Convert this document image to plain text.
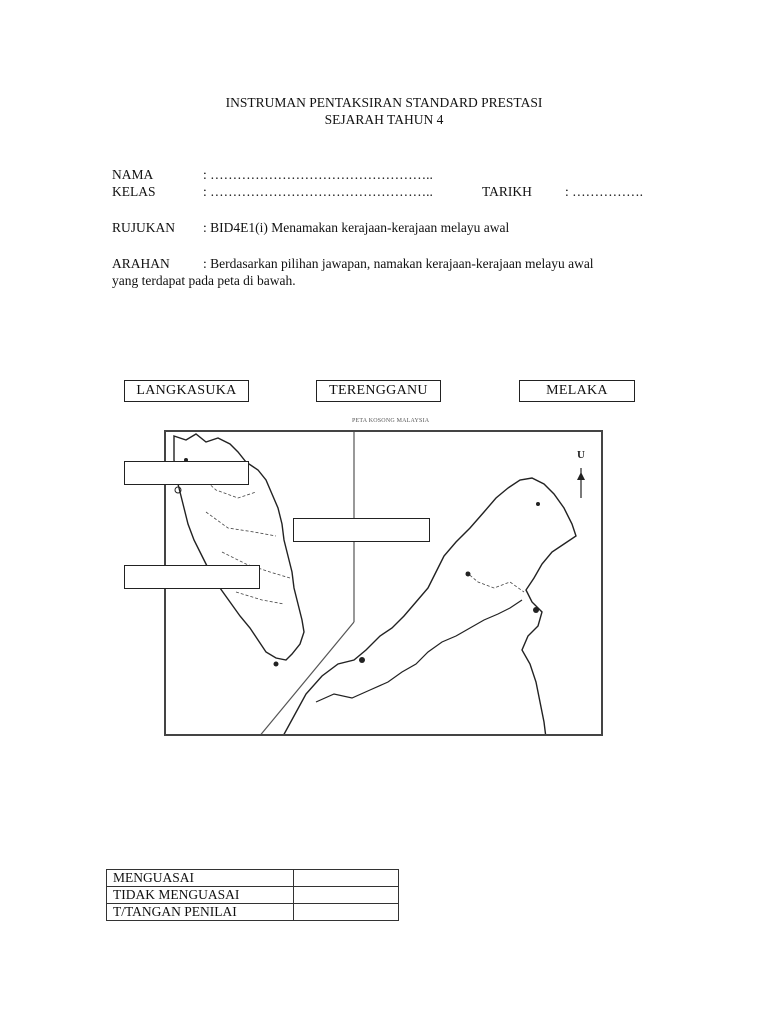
INSTRUMAN PENTAKSIRAN STANDARD PRESTASI
SEJARAH TAHUN 4
NAMA	: …………………………………………..
KELAS	: …………………………………………..	TARIKH : …………….
RUJUKAN : BID4E1(i) Menamakan kerajaan-kerajaan melayu awal
ARAHAN : Berdasarkan pilihan jawapan, namakan kerajaan-kerajaan melayu awal
yang terdapat pada peta di bawah.
LANGKASUKA	TERENGGANU	MELAKA
PETA KOSONG MALAYSIA
U
MENGUASAI	
TIDAK MENGUASAI	
T/TANGAN PENILAI	
